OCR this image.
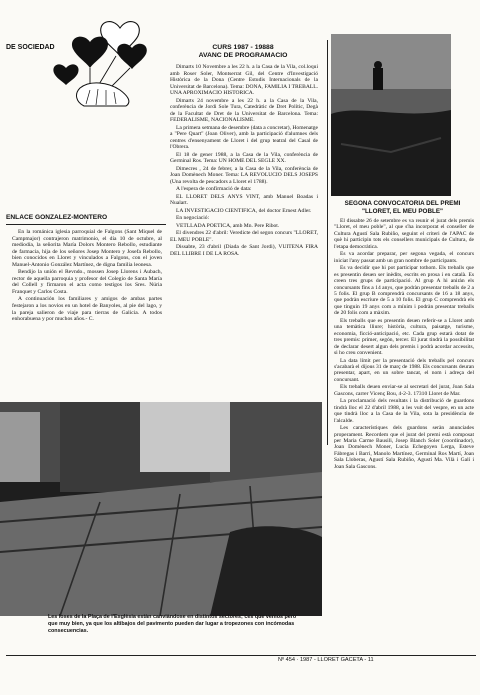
DE SOCIEDAD
ENLACE GONZALEZ-MONTERO

En la románica iglesia parroquial de Falgons (Sant Miquel de Campmajor) contrajeron matrimonio, el día 10 de octubre, al mediodía, la señorita María Dolors Montero Rebollo, estudiante de farmacia, hija de los señores Josep Montero y Josefa Rebollo, bien conocidos en Lloret y vinculados a Falgons, con el joven Manuel-Antonio González Martínez, de digna familia leonesa.

Bendijo la unión el Revndo., mossen Josep Llorens i Aubach, rector de aquella parroquia y profesor del Colegio de Santa María del Collell y firmaron el acta como testigos los Sres. Núria Franquet y Carlos Costa.

A continuación los familiares y amigos de ambas partes festejaron a los novios en un hotel de Banyoles, al pie del lago, y la pareja salieron de viaje para tierras de Galicia. A todos enhorabuena y por muchos años.- C.

CURS 1987 - 19888
AVANC DE PROGRAMACIO

Dimarts 10 Novembre a les 22 h. a la Casa de la Vila, col.loqui amb Roser Soler, Montserrat Gil, del Centre d'Investigació Històrica de la Dona (Centre Estudis Internacionals de la Universitat de Barcelona). Tema: DONA, FAMILIA I TREBALL. UNA APROXIMACIO HISTORICA.

Dimarts 24 novembre a les 22 h. a la Casa de la Vila, conferència de Jordi Sole Tura, Catedràtic de Dret Polític, Degà de la Facultat de Dret de la Universitat de Barcelona. Tema: FEDERALISME, NACIONALISME.

La primera setmana de desembre (data a concretar), Homenatge a "Pere Quart" (Joan Oliver), amb la participació d'alumnes dels centres d'ensenyament de Lloret i del grup teatral del Casal de l'Obrera.

El 18 de gener 1988, a la Casa de la Vila, conferència de Germinal Ros. Tema: UN HOME DEL SEGLE XX.

Dimecres , 24 de febrer, a la Casa de la Vila, conferència de Joan Domènech Moner. Tema: LA REVOLUCIO DELS JOSEPS (Una revolta de pescadors a Lloret el 1788).

A l'espera de confirmació de data:

EL LLORET DELS ANYS VINT, amb Manuel Boadas i Nualart.

LA INVESTIGACIO CIENTIFICA, del doctor Ernest Adler.

En negociació:

VETLLADA POETICA, amb Mn. Pere Ribot.

El divendres 22 d'abril: Veredicte del segon concurs "LLORET, EL MEU POBLE".

Dissabte, 23 d'abril (Diada de Sant Jordi), VUITENA FIRA DEL LLIBRE I DE LA ROSA.

SEGONA CONVOCATORIA DEL PREMI
"LLORET, EL MEU POBLE"

El dissabte 26 de setembre es va reunir el jurat dels premis "Lloret, el meu poble", al que s'ha incorporat el conseller de Cultura Agustí Sala Rubiño, seguint el criteri de l'APAC de què hi participin tots els consellers municipals de Cultura, de l'etapa democràtica.

Es va acordar preparar, per segona vegada, el concurs iniciat l'any passat amb un gran nombre de participants.

Es va decidir que hi pot participar tothom. Els treballs que es presentin deuen ser inèdits, escrits en prosa i en català. Es creen tres grups de participació. Al grup A hi aniràn els concursants fins a 14 anys, que podràn presentar treballs de 2 a 5 folis. El grup B comprendrà concursants de 16 a 18 anys, que podràn escriure de 5 a 10 folis. El grup C comprendrà els que tinguin 19 anys com a mínim i podràn presentar treballs de 20 folis com a màxim.

Els treballs que es presentin deuen referir-se a Lloret amb una temàtica lliure; història, cultura, paisatge, turisme, economia, ficció-anticipació, etc. Cada grup estarà dotat de tres premis: primer, segón, tercer. El jurat tindrà la possibilitat de declarar desert algun dels premis i podrà acordar accessits, si ho creu convenient.

La data límit per la presentació dels treballs pel concurs s'acabarà el dijous 31 de març de 1988. Els concursants deuran presentar, apart, en un sobre tancat, el nom i adreça del concursant.

Els treballs deuen enviar-se al secretari del jurat, Joan Sala Gascons, carrer Vicenç Bou, 4-2-3. 17310 Lloret de Mar.

La proclamació dels resultats i la distribució de guardons tindrà lloc el 22 d'abril 1988, a les vuit del vespre, en un acte que tindrà lloc a la Casa de la Vila, sota la presidència de l'alcalde.

Les característiques dels guardons seràn anunciades properament. Recordem que el jurat del premi està composat per Maria Carme Bausili, Josep Blanch Soler (coordinador), Joan Domènech Moner, Lucía Echegoyen Lerga, Esteve Fàbregas i Barri, Manolo Martínez, Germinal Ros Martí, Joan Sala Lloberas, Agustí Sala Rubiño, Agustí Ma. Vilà i Galí i Joan Sala Gascons.

Les loses de la Plaça de l'Esglèsia estàn canviàndose en distintos sectores; ces que vemos pero que muy bien, ya que los altibajos del pavimento pueden dar lugar a tropezones con incómodas consecuencias.
Nº 454 · 1987 - LLORET GACETA - 11
